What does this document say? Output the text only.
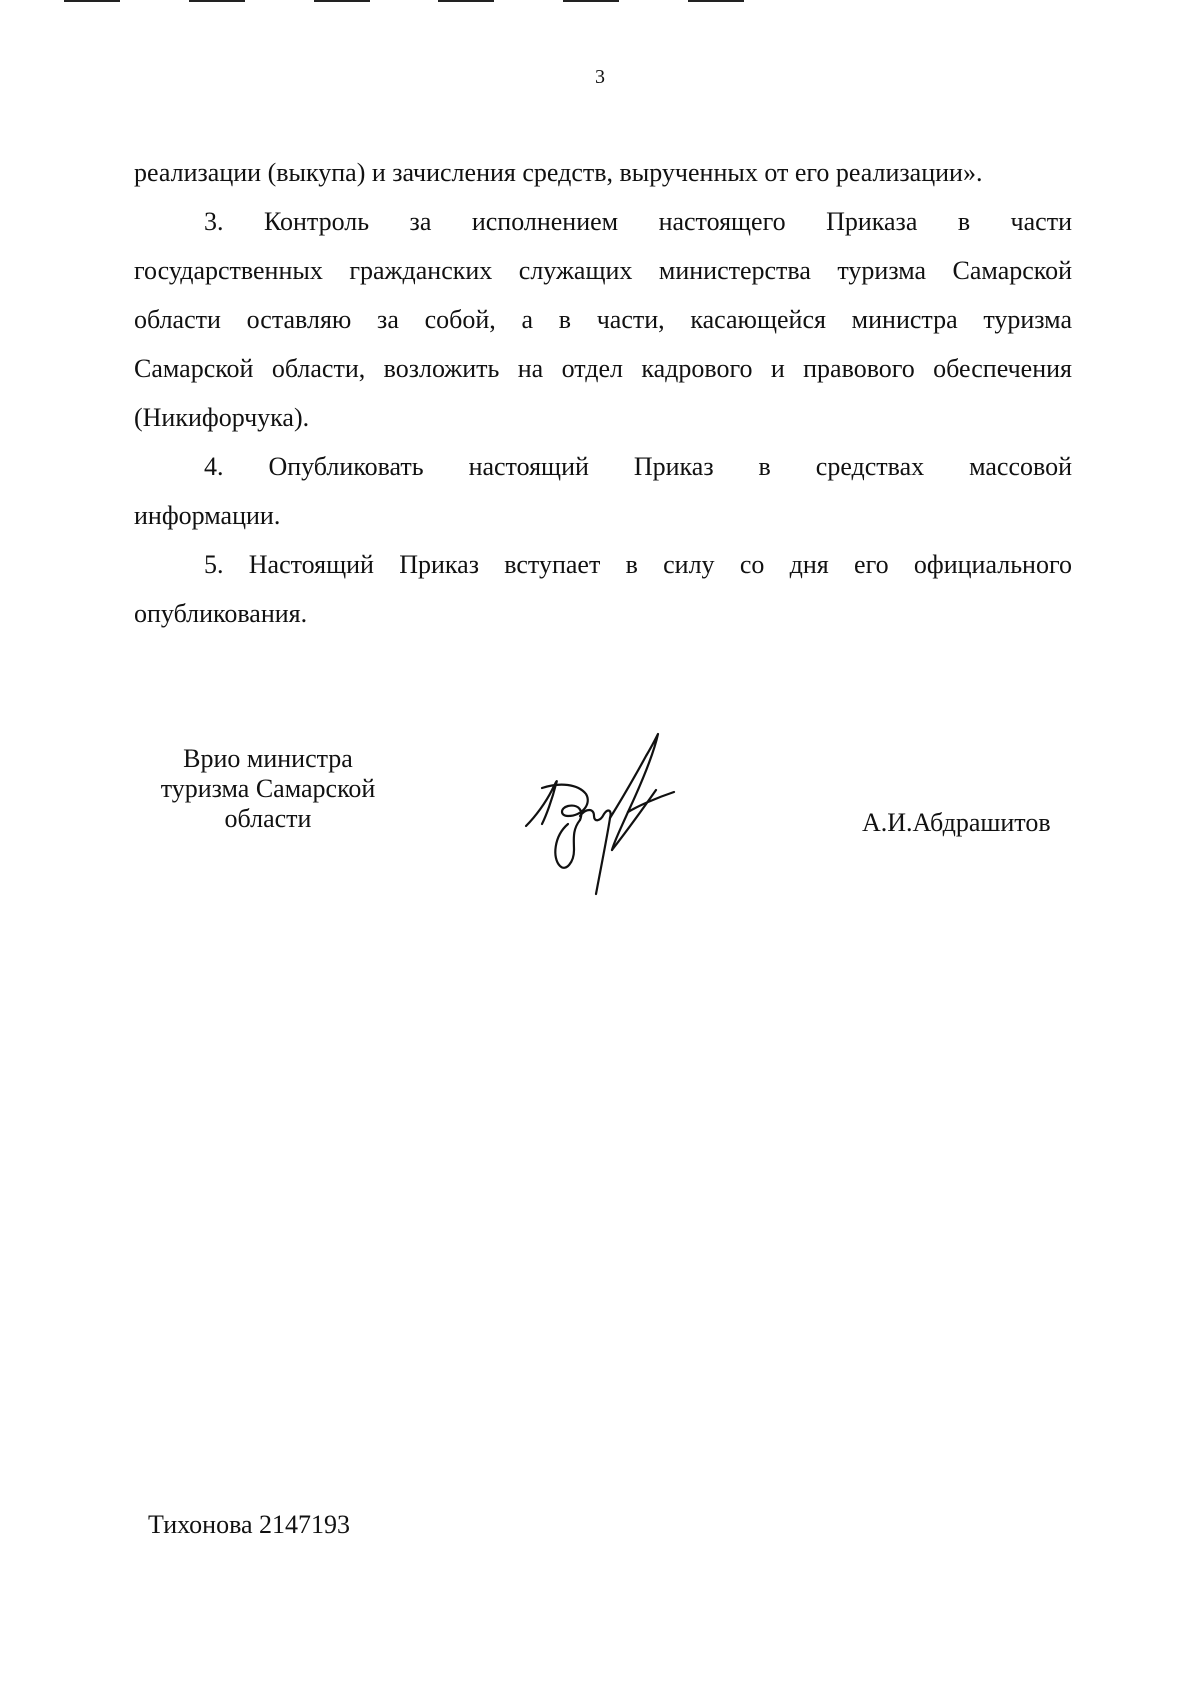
3
реализации (выкупа) и зачисления средств, вырученных от его реализации».
3. Контроль за исполнением настоящего Приказа в части
государственных гражданских служащих министерства туризма Самарской
области оставляю за собой, а в части, касающейся министра туризма
Самарской области, возложить на отдел кадрового и правового обеспечения
(Никифорчука).
4. Опубликовать настоящий Приказ в средствах массовой
информации.
5. Настоящий Приказ вступает в силу со дня его официального
опубликования.
Врио министра
туризма Самарской
области	А.И.Абдрашитов
Тихонова 2147193
